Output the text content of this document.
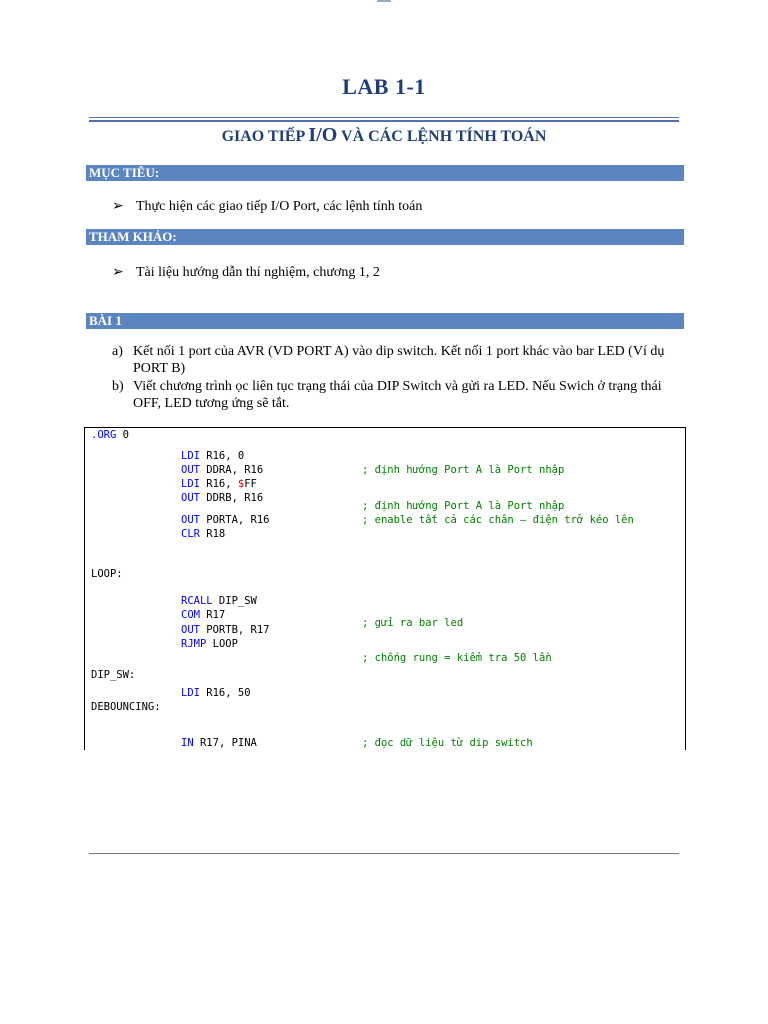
LAB 1-1
GIAO TIẾP I/O VÀ CÁC LỆNH TÍNH TOÁN
MỤC TIÊU:
➢ Thực hiện các giao tiếp I/O Port, các lệnh tính toán
THAM KHẢO:
➢ Tài liệu hướng dẫn thí nghiệm, chương 1, 2
BÀI 1
a) Kết nối 1 port của AVR (VD PORT A) vào dip switch. Kết nối 1 port khác vào bar LED (Ví dụ PORT B)
b) Viết chương trình ọc liên tục trạng thái của DIP Switch và gửi ra LED. Nếu Swich ở trạng thái OFF, LED tương ứng sẽ tắt.
.ORG 0
LDI R16, 0
OUT DDRA, R16	; định hướng Port A là Port nhập
LDI R16, $FF
OUT DDRB, R16
; định hướng Port A là Port nhập
OUT PORTA, R16	; enable tất cả các chân – điện trở kéo lên
CLR R18
LOOP:
RCALL DIP_SW
COM R17
; gửi ra bar led
OUT PORTB, R17
RJMP LOOP
; chống rung = kiểm tra 50 lần
DIP_SW:
LDI R16, 50
DEBOUNCING:
IN R17, PINA	; đọc dữ liệu từ dip switch
